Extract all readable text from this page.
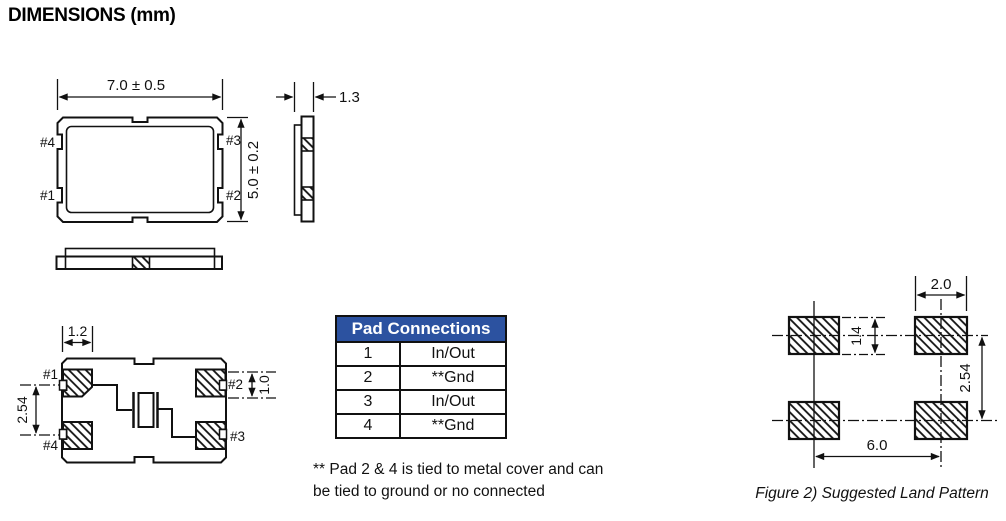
DIMENSIONS (mm)
7.0 ± 0.5
5.0 ± 0.2
#4
#1
#3
#2
1.3
1.2
2.54
1.0
#1
#4
#2
#3
2.0
1.4
2.54
6.0
Pad Connections	
1	In/Out
2	**Gnd
3	In/Out
4	**Gnd
** Pad 2 & 4 is tied to metal cover and can
be tied to ground or no connected	Figure 2) Suggested Land Pattern
